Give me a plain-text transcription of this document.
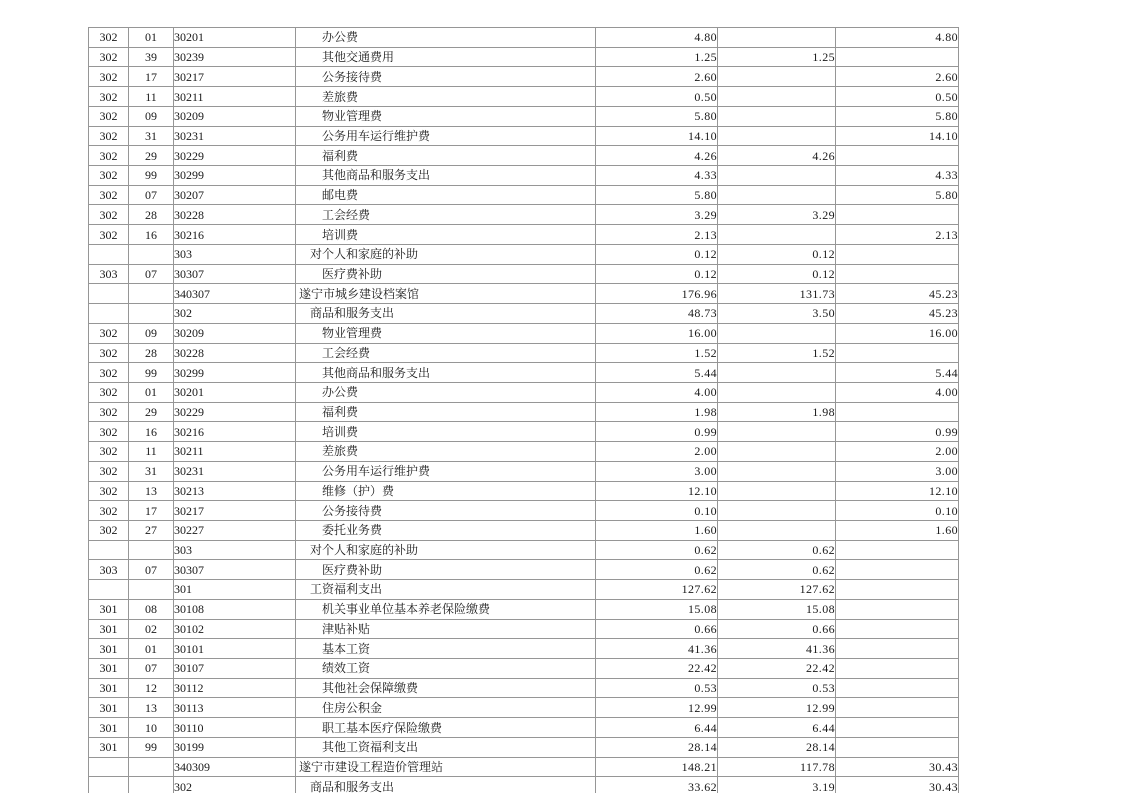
302	01	30201	办公费	4.80		4.80
302	39	30239	其他交通费用	1.25	1.25	
302	17	30217	公务接待费	2.60		2.60
302	11	30211	差旅费	0.50		0.50
302	09	30209	物业管理费	5.80		5.80
302	31	30231	公务用车运行维护费	14.10		14.10
302	29	30229	福利费	4.26	4.26	
302	99	30299	其他商品和服务支出	4.33		4.33
302	07	30207	邮电费	5.80		5.80
302	28	30228	工会经费	3.29	3.29	
302	16	30216	培训费	2.13		2.13
		303	对个人和家庭的补助	0.12	0.12	
303	07	30307	医疗费补助	0.12	0.12	
		340307	遂宁市城乡建设档案馆	176.96	131.73	45.23
		302	商品和服务支出	48.73	3.50	45.23
302	09	30209	物业管理费	16.00		16.00
302	28	30228	工会经费	1.52	1.52	
302	99	30299	其他商品和服务支出	5.44		5.44
302	01	30201	办公费	4.00		4.00
302	29	30229	福利费	1.98	1.98	
302	16	30216	培训费	0.99		0.99
302	11	30211	差旅费	2.00		2.00
302	31	30231	公务用车运行维护费	3.00		3.00
302	13	30213	维修（护）费	12.10		12.10
302	17	30217	公务接待费	0.10		0.10
302	27	30227	委托业务费	1.60		1.60
		303	对个人和家庭的补助	0.62	0.62	
303	07	30307	医疗费补助	0.62	0.62	
		301	工资福利支出	127.62	127.62	
301	08	30108	机关事业单位基本养老保险缴费	15.08	15.08	
301	02	30102	津贴补贴	0.66	0.66	
301	01	30101	基本工资	41.36	41.36	
301	07	30107	绩效工资	22.42	22.42	
301	12	30112	其他社会保障缴费	0.53	0.53	
301	13	30113	住房公积金	12.99	12.99	
301	10	30110	职工基本医疗保险缴费	6.44	6.44	
301	99	30199	其他工资福利支出	28.14	28.14	
		340309	遂宁市建设工程造价管理站	148.21	117.78	30.43
		302	商品和服务支出	33.62	3.19	30.43
